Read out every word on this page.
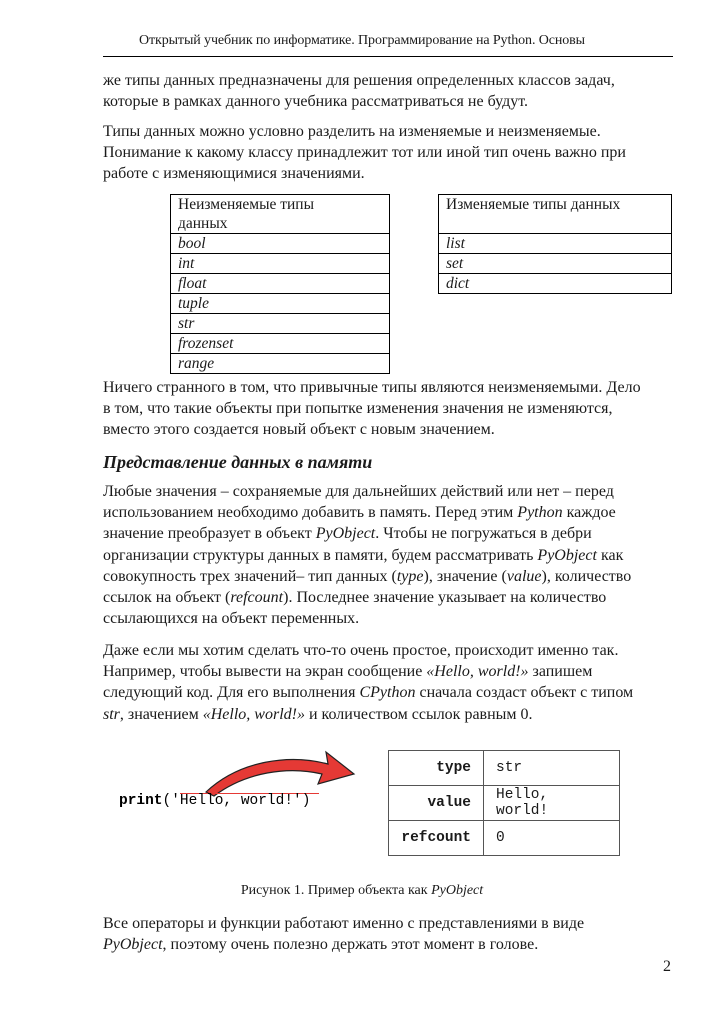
Открытый учебник по информатике. Программирование на Python. Основы
же типы данных предназначены для решения определенных классов задач,
которые в рамках данного учебника рассматриваться не будут.
Типы данных можно условно разделить на изменяемые и неизменяемые.
Понимание к какому классу принадлежит тот или иной тип очень важно при
работе с изменяющимися значениями.
Неизменяемые типы
данных
bool
int
float
tuple
str
frozenset
range
Изменяемые типы данных
list
set
dict
Ничего странного в том, что привычные типы являются неизменяемыми. Дело
в том, что такие объекты при попытке изменения значения не изменяются,
вместо этого создается новый объект с новым значением.
Представление данных в памяти
Любые значения – сохраняемые для дальнейших действий или нет – перед
использованием необходимо добавить в память. Перед этим Python каждое
значение преобразует в объект PyObject. Чтобы не погружаться в дебри
организации структуры данных в памяти, будем рассматривать PyObject как
совокупность трех значений– тип данных (type), значение (value), количество
ссылок на объект (refcount). Последнее значение указывает на количество
ссылающихся на объект переменных.
Даже если мы хотим сделать что-то очень простое, происходит именно так.
Например, чтобы вывести на экран сообщение «Hello, world!» запишем
следующий код. Для его выполнения CPython сначала создаст объект с типом
str, значением «Hello, world!» и количеством ссылок равным 0.
print('Hello, world!')
type	str
value	Hello, world!
refcount	0
Рисунок 1. Пример объекта как PyObject
Все операторы и функции работают именно с представлениями в виде
PyObject, поэтому очень полезно держать этот момент в голове.
2
